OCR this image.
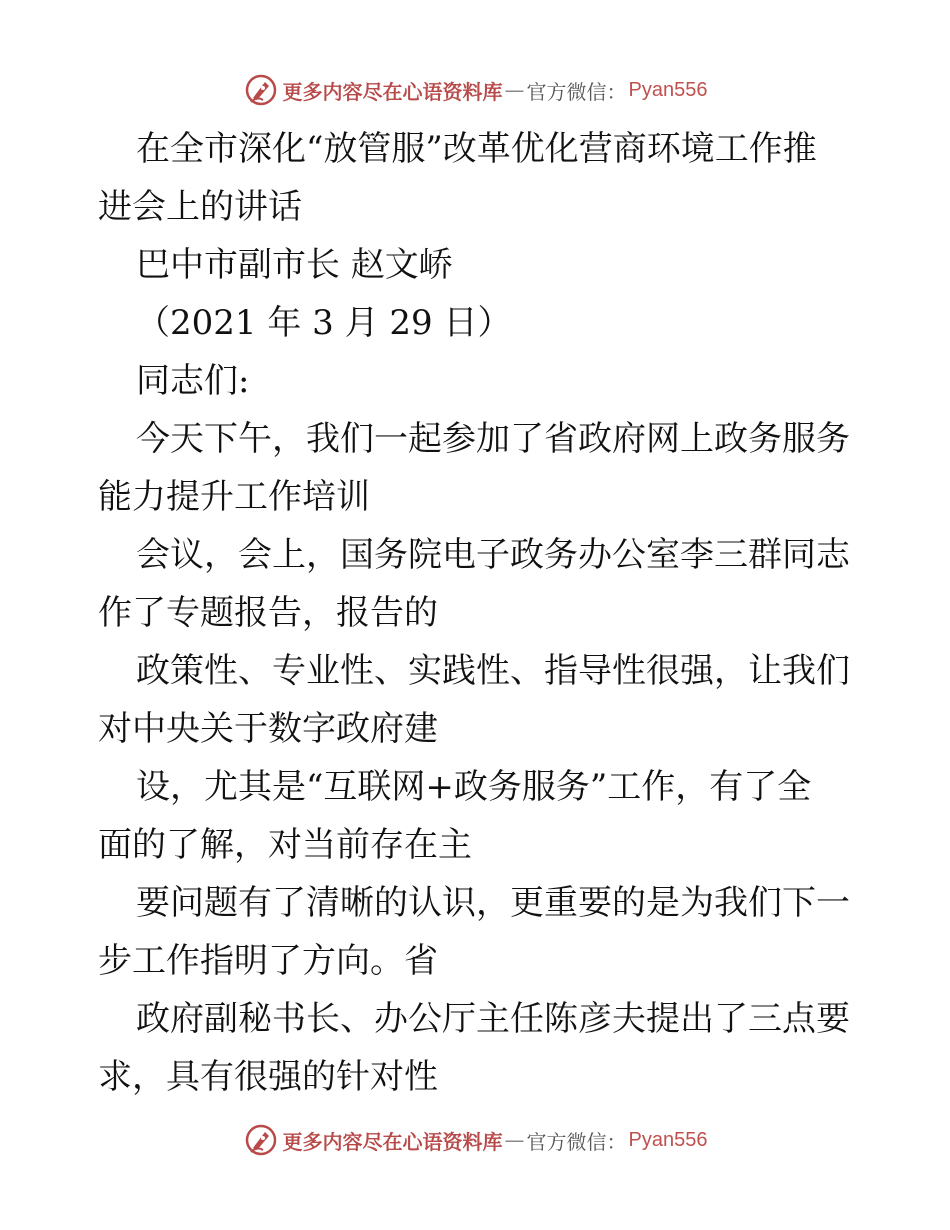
更多内容尽在心语资料库 — 官方微信： Pyan556
在全市深化“放管服”改革优化营商环境工作推
进会上的讲话
巴中市副市长 赵文峤
（2021 年 3 月 29 日）
同志们:
今天下午，我们一起参加了省政府网上政务服务
能力提升工作培训
会议，会上，国务院电子政务办公室李三群同志
作了专题报告，报告的
政策性、专业性、实践性、指导性很强，让我们
对中央关于数字政府建
设，尤其是“互联网+政务服务”工作，有了全
面的了解，对当前存在主
要问题有了清晰的认识，更重要的是为我们下一
步工作指明了方向。省
政府副秘书长、办公厅主任陈彦夫提出了三点要
求，具有很强的针对性
更多内容尽在心语资料库 — 官方微信： Pyan556
